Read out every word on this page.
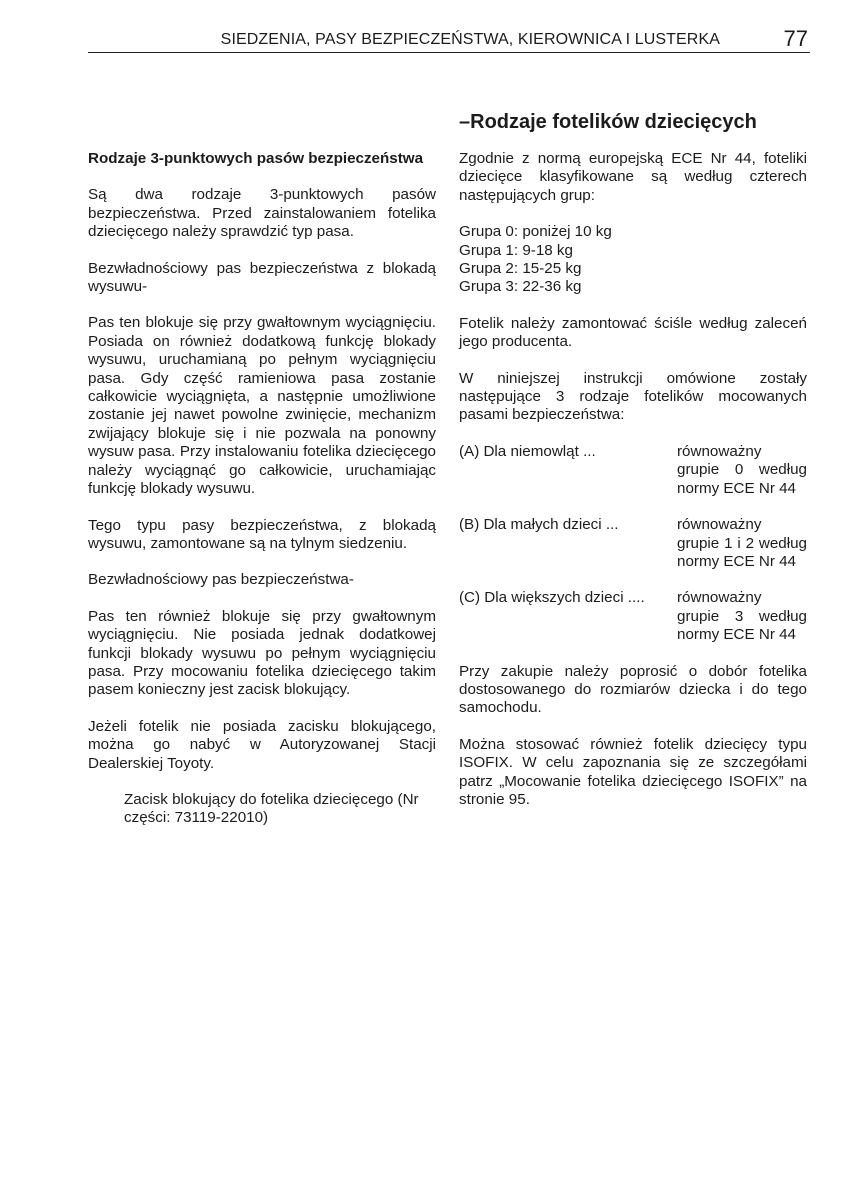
SIEDZENIA, PASY BEZPIECZEŃSTWA, KIEROWNICA I LUSTERKA	77
–Rodzaje fotelików dziecięcych

Rodzaje 3-punktowych pasów bezpieczeństwa

Są dwa rodzaje 3-punktowych pasów bezpieczeństwa. Przed zainstalowaniem fotelika dziecięcego należy sprawdzić typ pasa.

Bezwładnościowy pas bezpieczeństwa z blokadą wysuwu-

Pas ten blokuje się przy gwałtownym wyciągnięciu. Posiada on również dodatkową funkcję blokady wysuwu, uruchamianą po pełnym wyciągnięciu pasa. Gdy część ramieniowa pasa zostanie całkowicie wyciągnięta, a następnie umożliwione zostanie jej nawet powolne zwinięcie, mechanizm zwijający blokuje się i nie pozwala na ponowny wysuw pasa. Przy instalowaniu fotelika dziecięcego należy wyciągnąć go całkowicie, uruchamiając funkcję blokady wysuwu.

Tego typu pasy bezpieczeństwa, z blokadą wysuwu, zamontowane są na tylnym siedzeniu.

Bezwładnościowy pas bezpieczeństwa-

Pas ten również blokuje się przy gwałtownym wyciągnięciu. Nie posiada jednak dodatkowej funkcji blokady wysuwu po pełnym wyciągnięciu pasa. Przy mocowaniu fotelika dziecięcego takim pasem konieczny jest zacisk blokujący.

Jeżeli fotelik nie posiada zacisku blokującego, można go nabyć w Autoryzowanej Stacji Dealerskiej Toyoty.

Zacisk blokujący do fotelika dziecięcego (Nr części: 73119-22010)

Zgodnie z normą europejską ECE Nr 44, foteliki dziecięce klasyfikowane są według czterech następujących grup:

Grupa 0: poniżej 10 kg
Grupa 1: 9-18 kg
Grupa 2: 15-25 kg
Grupa 3: 22-36 kg

Fotelik należy zamontować ściśle według zaleceń jego producenta.

W niniejszej instrukcji omówione zostały następujące 3 rodzaje fotelików mocowanych pasami bezpieczeństwa:

(A) Dla niemowląt ...	równoważny grupie 0 według normy ECE Nr 44
(B) Dla małych dzieci ...	równoważny grupie 1 i 2 według normy ECE Nr 44
(C) Dla większych dzieci ....	równoważny grupie 3 według normy ECE Nr 44

Przy zakupie należy poprosić o dobór fotelika dostosowanego do rozmiarów dziecka i do tego samochodu.

Można stosować również fotelik dziecięcy typu ISOFIX. W celu zapoznania się ze szczegółami patrz „Mocowanie fotelika dziecięcego ISOFIX” na stronie 95.
